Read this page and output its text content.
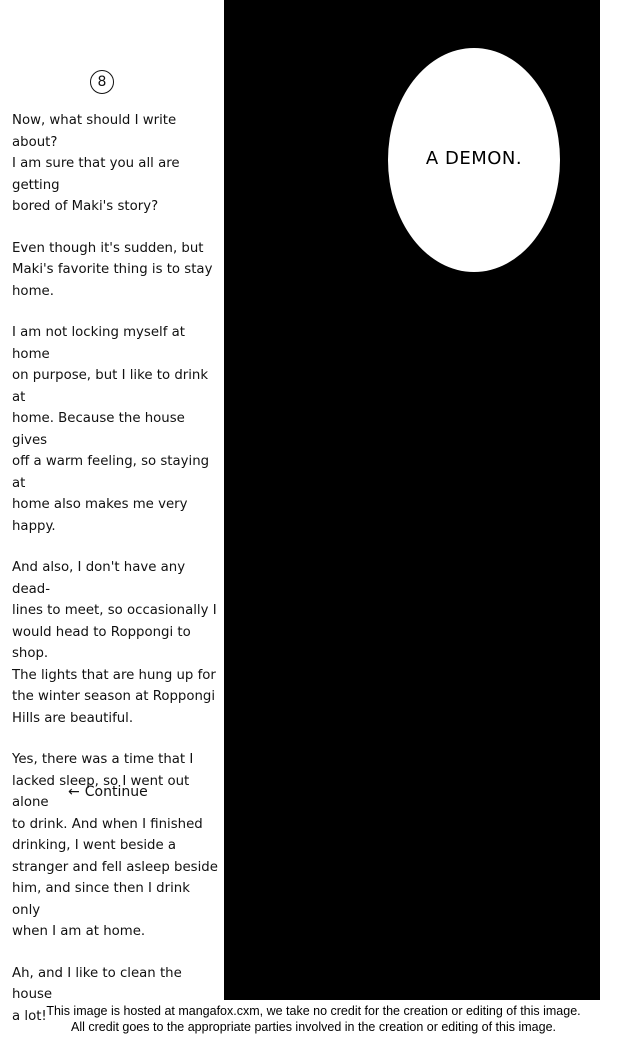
8

Now, what should I write about?
I am sure that you all are getting
bored of Maki's story?

Even though it's sudden, but
Maki's favorite thing is to stay
home.

I am not locking myself at home
on purpose, but I like to drink at
home. Because the house gives
off a warm feeling, so staying at
home also makes me very happy.

And also, I don't have any dead-
lines to meet, so occasionally I
would head to Roppongi to shop.
The lights that are hung up for
the winter season at Roppongi
Hills are beautiful.

Yes, there was a time that I
lacked sleep, so I went out alone
to drink. And when I finished
drinking, I went beside a
stranger and fell asleep beside
him, and since then I drink only
when I am at home.

Ah, and I like to clean the house
a lot!

← Continue
A DEMON.
This image is hosted at mangafox.cxm, we take no credit for the creation or editing of this image.
All credit goes to the appropriate parties involved in the creation or editing of this image.
